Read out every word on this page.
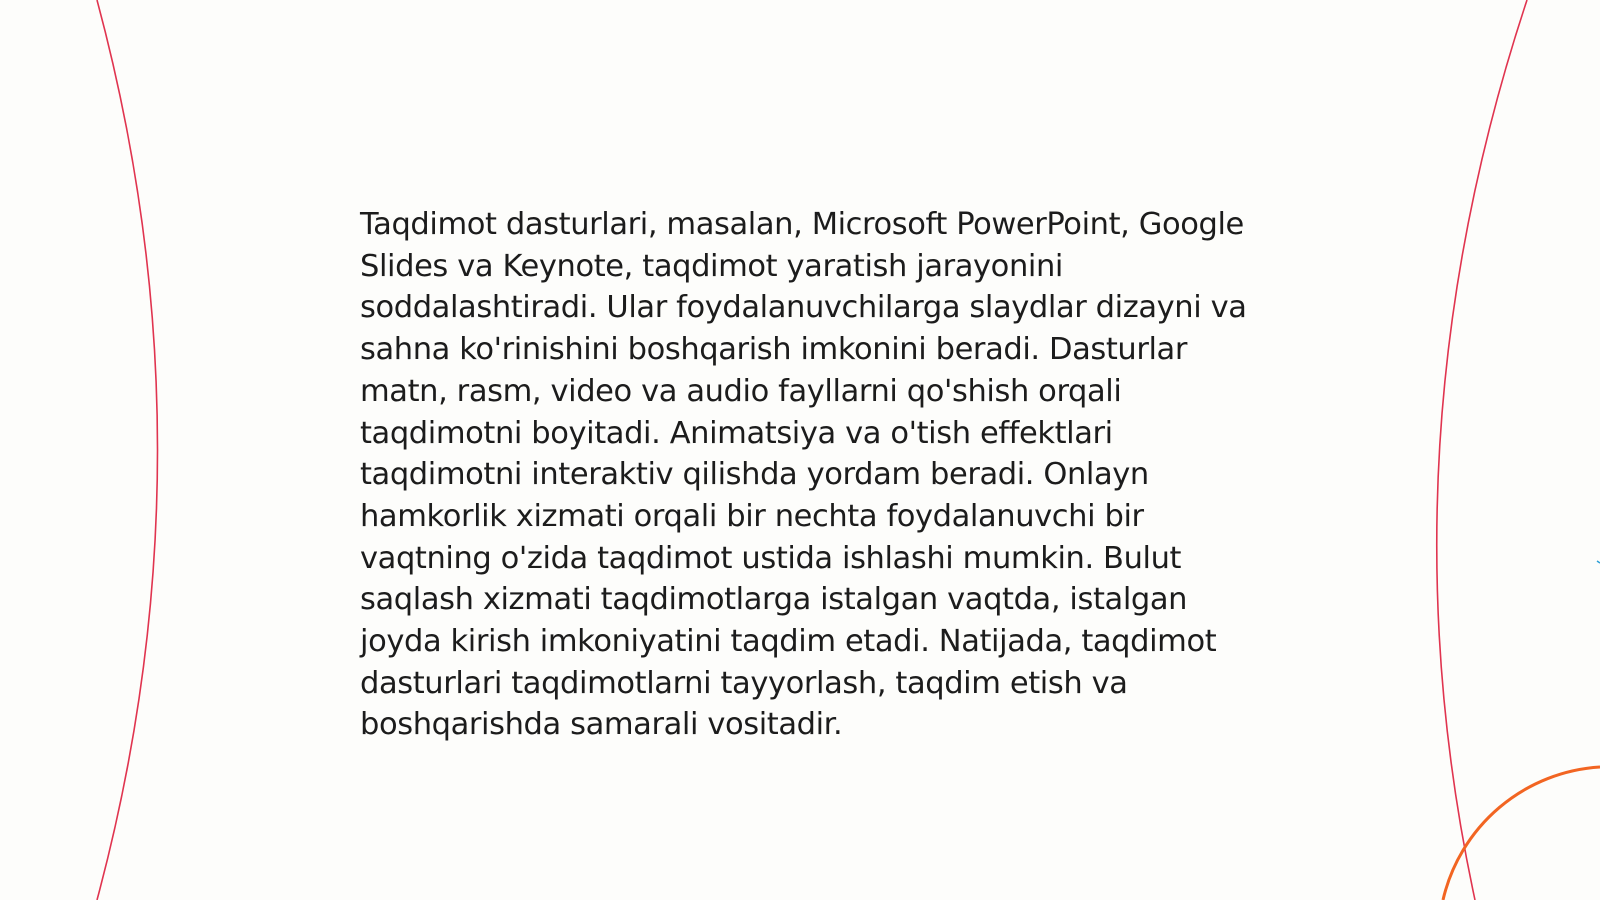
Taqdimot dasturlari, masalan, Microsoft PowerPoint, Google Slides va Keynote, taqdimot yaratish jarayonini soddalashtiradi. Ular foydalanuvchilarga slaydlar dizayni va sahna ko'rinishini boshqarish imkonini beradi. Dasturlar matn, rasm, video va audio fayllarni qo'shish orqali taqdimotni boyitadi. Animatsiya va o'tish effektlari taqdimotni interaktiv qilishda yordam beradi. Onlayn hamkorlik xizmati orqali bir nechta foydalanuvchi bir vaqtning o'zida taqdimot ustida ishlashi mumkin. Bulut saqlash xizmati taqdimotlarga istalgan vaqtda, istalgan joyda kirish imkoniyatini taqdim etadi. Natijada, taqdimot dasturlari taqdimotlarni tayyorlash, taqdim etish va boshqarishda samarali vositadir.
